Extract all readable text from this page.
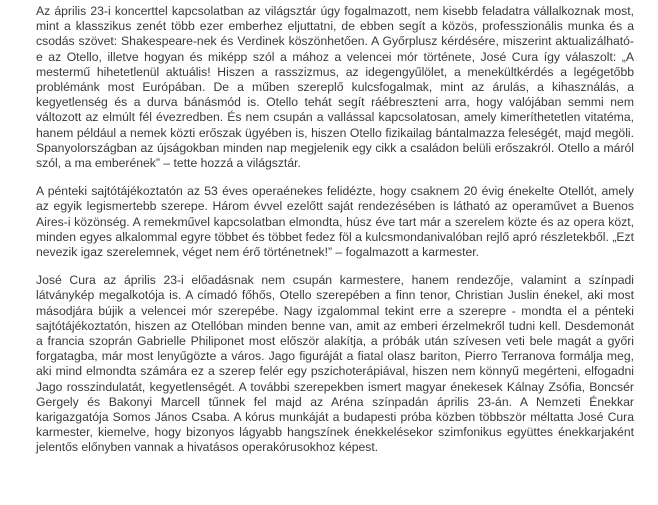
Az április 23-i koncerttel kapcsolatban az világsztár úgy fogalmazott, nem kisebb feladatra vállalkoznak most, mint a klasszikus zenét több ezer emberhez eljuttatni, de ebben segít a közös, professzionális munka és a csodás szövet: Shakespeare-nek és Verdinek köszönhetően. A Győrplusz kérdésére, miszerint aktualizálható-e az Otello, illetve hogyan és miképp szól a mához a velencei mór története, José Cura így válaszolt: „A mestermű hihetetlenül aktuális! Hiszen a rasszizmus, az idegengyűlölet, a menekültkérdés a legégetőbb problémánk most Európában. De a műben szereplő kulcsfogalmak, mint az árulás, a kihasználás, a kegyetlenség és a durva bánásmód is. Otello tehát segít ráébreszteni arra, hogy valójában semmi nem változott az elmúlt fél évezredben. És nem csupán a vallással kapcsolatosan, amely kimeríthetetlen vitatéma, hanem például a nemek közti erőszak ügyében is, hiszen Otello fizikailag bántalmazza feleségét, majd megöli. Spanyolországban az újságokban minden nap megjelenik egy cikk a családon belüli erőszakról. Otello a máról szól, a ma emberének” – tette hozzá a világsztár.

A pénteki sajtótájékoztatón az 53 éves operaénekes felidézte, hogy csaknem 20 évig énekelte Otellót, amely az egyik legismertebb szerepe. Három évvel ezelőtt saját rendezésében is látható az operaművet a Buenos Aires-i közönség. A remekművel kapcsolatban elmondta, húsz éve tart már a szerelem közte és az opera közt, minden egyes alkalommal egyre többet és többet fedez föl a kulcsmondanivalóban rejlő apró részletekből. „Ezt nevezik igaz szerelemnek, véget nem érő történetnek!” – fogalmazott a karmester.

José Cura az április 23-i előadásnak nem csupán karmestere, hanem rendezője, valamint a színpadi látványkép megalkotója is. A címadó főhős, Otello szerepében a finn tenor, Christian Juslin énekel, aki most másodjára bújik a velencei mór szerepébe. Nagy izgalommal tekint erre a szerepre - mondta el a pénteki sajtótájékoztatón, hiszen az Otellóban minden benne van, amit az emberi érzelmekről tudni kell. Desdemonát a francia szoprán Gabrielle Philiponet most először alakítja, a próbák után szívesen veti bele magát a győri forgatagba, már most lenyűgözte a város. Jago figuráját a fiatal olasz bariton, Pierro Terranova formálja meg, aki mind elmondta számára ez a szerep felér egy pszichoterápiával, hiszen nem könnyű megérteni, elfogadni Jago rosszindulatát, kegyetlenségét. A további szerepekben ismert magyar énekesek Kálnay Zsófia, Boncsér Gergely és Bakonyi Marcell tűnnek fel majd az Aréna színpadán április 23-án. A Nemzeti Énekkar karigazgatója Somos János Csaba. A kórus munkáját a budapesti próba közben többször méltatta José Cura karmester, kiemelve, hogy bizonyos lágyabb hangszínek énekkelésekor szimfonikus együttes énekkarjaként jelentős előnyben vannak a hivatásos operakórusokhoz képest.
